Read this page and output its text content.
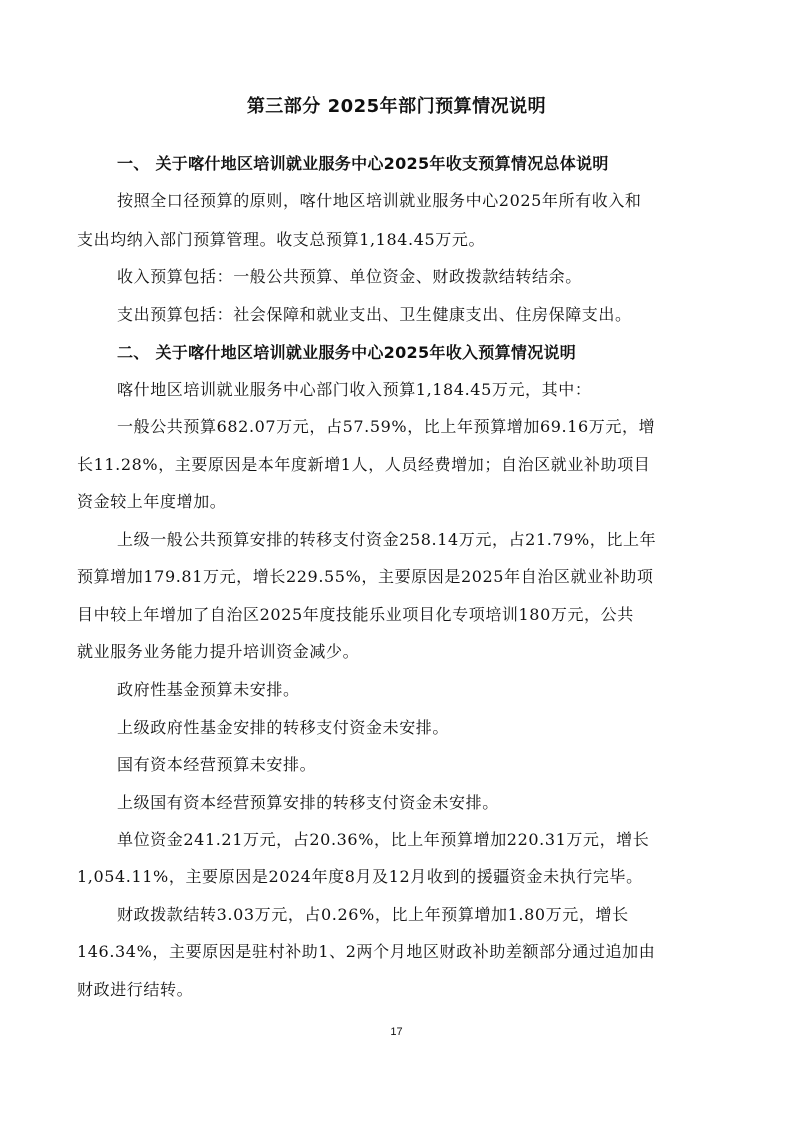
第三部分 2025年部门预算情况说明
一、 关于喀什地区培训就业服务中心2025年收支预算情况总体说明
按照全口径预算的原则，喀什地区培训就业服务中心2025年所有收入和
支出均纳入部门预算管理。收支总预算1,184.45万元。
收入预算包括：一般公共预算、单位资金、财政拨款结转结余。
支出预算包括：社会保障和就业支出、卫生健康支出、住房保障支出。
二、 关于喀什地区培训就业服务中心2025年收入预算情况说明
喀什地区培训就业服务中心部门收入预算1,184.45万元，其中：
一般公共预算682.07万元，占57.59%，比上年预算增加69.16万元，增
长11.28%，主要原因是本年度新增1人，人员经费增加；自治区就业补助项目
资金较上年度增加。
上级一般公共预算安排的转移支付资金258.14万元，占21.79%，比上年
预算增加179.81万元，增长229.55%，主要原因是2025年自治区就业补助项
目中较上年增加了自治区2025年度技能乐业项目化专项培训180万元，公共
就业服务业务能力提升培训资金减少。
政府性基金预算未安排。
上级政府性基金安排的转移支付资金未安排。
国有资本经营预算未安排。
上级国有资本经营预算安排的转移支付资金未安排。
单位资金241.21万元，占20.36%，比上年预算增加220.31万元，增长
1,054.11%，主要原因是2024年度8月及12月收到的援疆资金未执行完毕。
财政拨款结转3.03万元，占0.26%，比上年预算增加1.80万元，增长
146.34%，主要原因是驻村补助1、2两个月地区财政补助差额部分通过追加由
财政进行结转。
17
